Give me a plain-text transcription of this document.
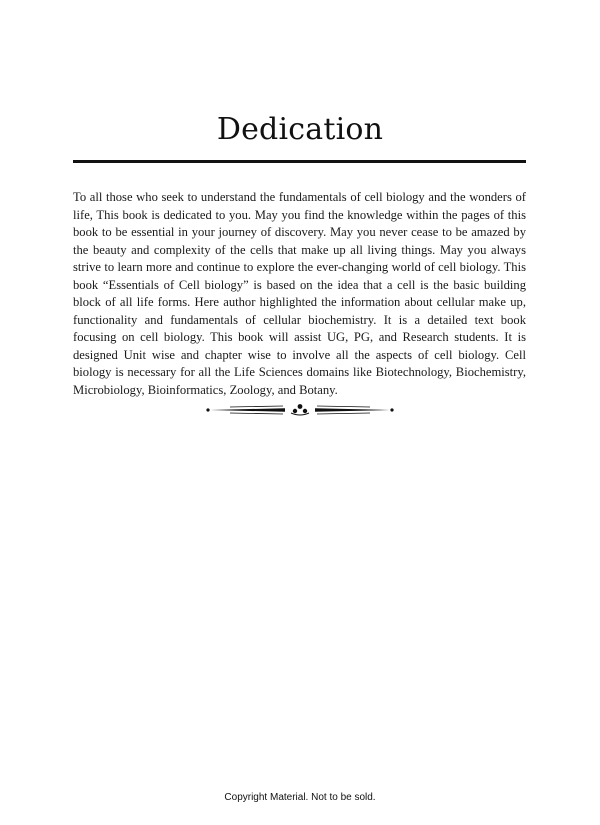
Dedication

To all those who seek to understand the fundamentals of cell biology and the wonders of life, This book is dedicated to you. May you find the knowledge within the pages of this book to be essential in your journey of discovery. May you never cease to be amazed by the beauty and complexity of the cells that make up all living things. May you always strive to learn more and continue to explore the ever-changing world of cell biology. This book “Essentials of Cell biology” is based on the idea that a cell is the basic building block of all life forms. Here author highlighted the information about cellular make up, functionality and fundamentals of cellular biochemistry. It is a detailed text book focusing on cell biology. This book will assist UG, PG, and Research students. It is designed Unit wise and chapter wise to involve all the aspects of cell biology. Cell biology is necessary for all the Life Sciences domains like Biotechnology, Biochemistry, Microbiology, Bioinformatics, Zoology, and Botany.

Copyright Material. Not to be sold.
